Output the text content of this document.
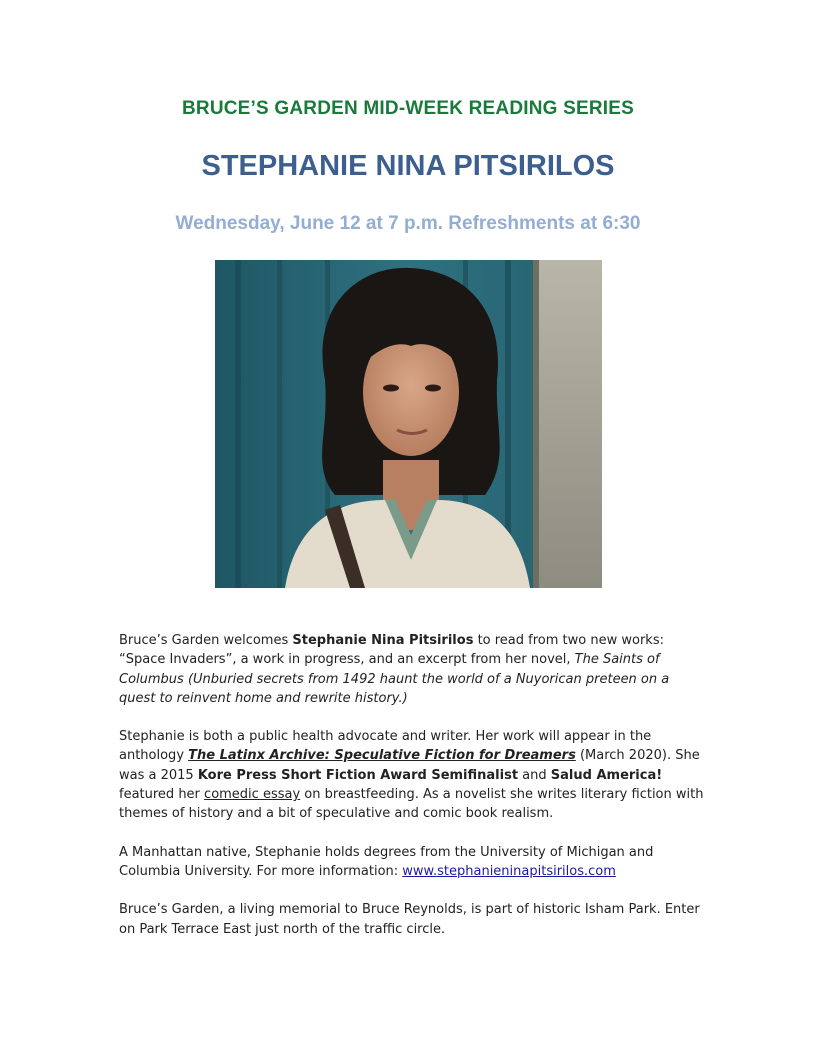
BRUCE’S GARDEN MID-WEEK READING SERIES
STEPHANIE NINA PITSIRILOS
Wednesday, June 12 at 7 p.m. Refreshments at 6:30

Bruce’s Garden welcomes Stephanie Nina Pitsirilos to read from two new works: “Space Invaders”, a work in progress, and an excerpt from her novel, The Saints of Columbus (Unburied secrets from 1492 haunt the world of a Nuyorican preteen on a quest to reinvent home and rewrite history.)

Stephanie is both a public health advocate and writer. Her work will appear in the anthology The Latinx Archive: Speculative Fiction for Dreamers (March 2020). She was a 2015 Kore Press Short Fiction Award Semifinalist and Salud America! featured her comedic essay on breastfeeding. As a novelist she writes literary fiction with themes of history and a bit of speculative and comic book realism.

A Manhattan native, Stephanie holds degrees from the University of Michigan and Columbia University. For more information: www.stephanieninapitsirilos.com

Bruce’s Garden, a living memorial to Bruce Reynolds, is part of historic Isham Park. Enter on Park Terrace East just north of the traffic circle.
